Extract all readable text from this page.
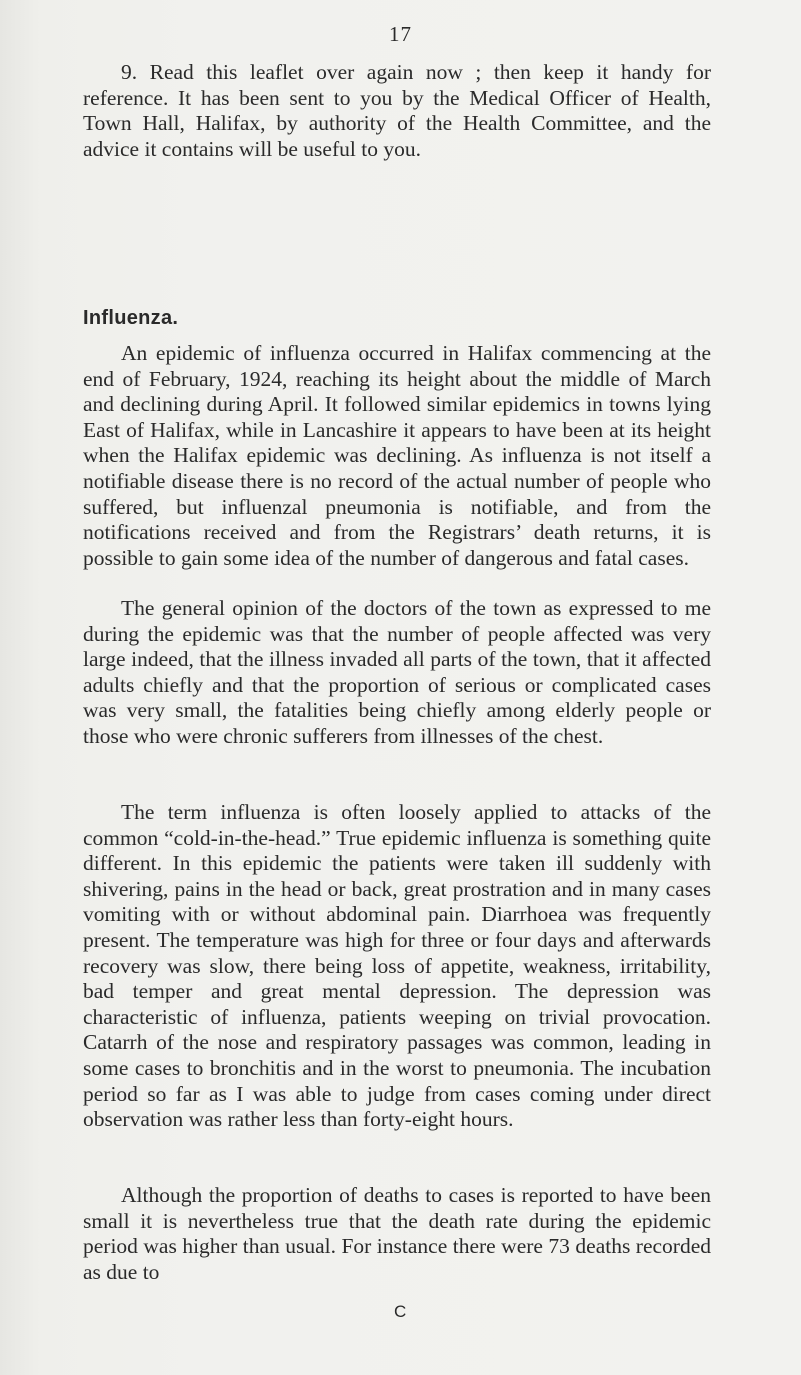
17

9. Read this leaflet over again now ; then keep it handy for reference. It has been sent to you by the Medical Officer of Health, Town Hall, Halifax, by authority of the Health Committee, and the advice it contains will be useful to you.

Influenza.

An epidemic of influenza occurred in Halifax commencing at the end of February, 1924, reaching its height about the middle of March and declining during April. It followed similar epidemics in towns lying East of Halifax, while in Lancashire it appears to have been at its height when the Halifax epidemic was declining. As influenza is not itself a notifiable disease there is no record of the actual number of people who suffered, but influenzal pneumonia is notifiable, and from the notifications received and from the Registrars’ death returns, it is possible to gain some idea of the number of dangerous and fatal cases.

The general opinion of the doctors of the town as expressed to me during the epidemic was that the number of people affected was very large indeed, that the illness invaded all parts of the town, that it affected adults chiefly and that the proportion of serious or complicated cases was very small, the fatalities being chiefly among elderly people or those who were chronic sufferers from illnesses of the chest.

The term influenza is often loosely applied to attacks of the common “cold-in-the-head.” True epidemic influenza is something quite different. In this epidemic the patients were taken ill suddenly with shivering, pains in the head or back, great prostration and in many cases vomiting with or without abdominal pain. Diarrhoea was frequently present. The temperature was high for three or four days and afterwards recovery was slow, there being loss of appetite, weakness, irritability, bad temper and great mental depression. The depression was characteristic of influenza, patients weeping on trivial provocation. Catarrh of the nose and respiratory passages was common, leading in some cases to bronchitis and in the worst to pneumonia. The incubation period so far as I was able to judge from cases coming under direct observation was rather less than forty-eight hours.

Although the proportion of deaths to cases is reported to have been small it is nevertheless true that the death rate during the epidemic period was higher than usual. For instance there were 73 deaths recorded as due to

C
